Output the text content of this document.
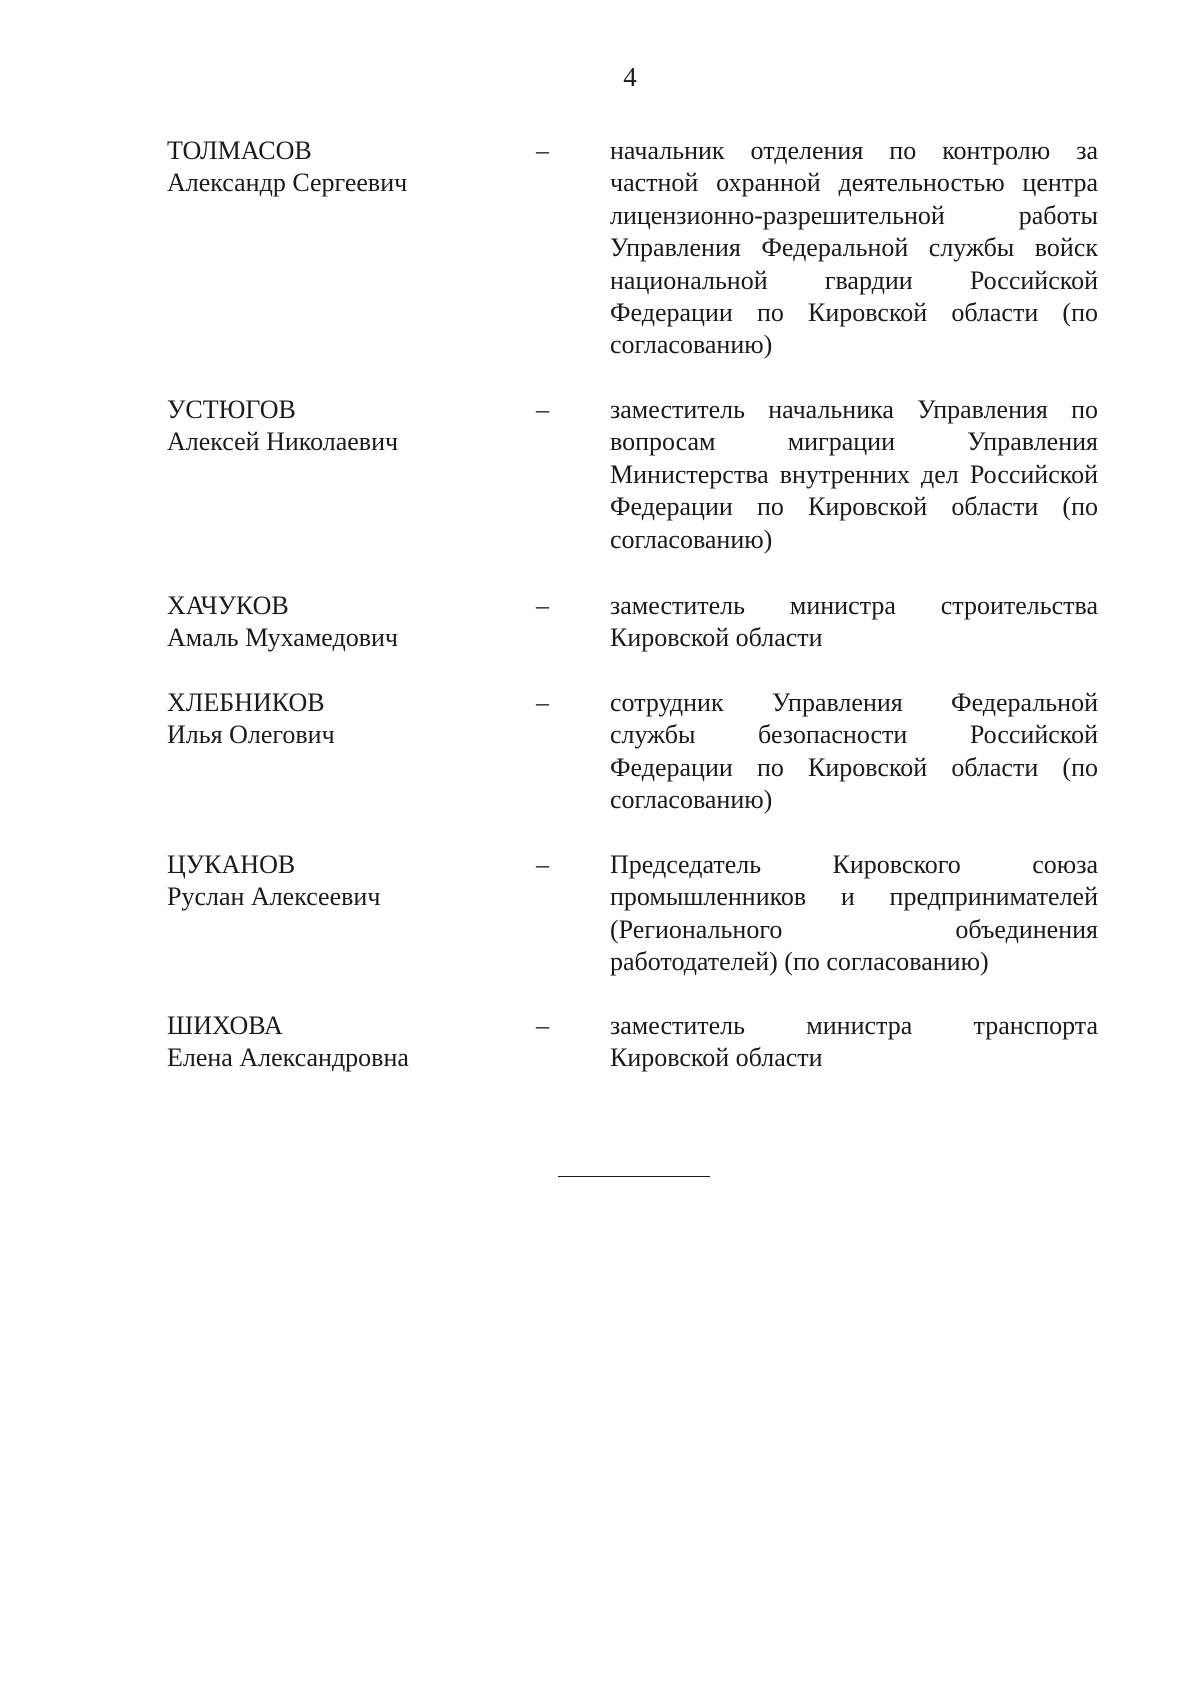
4
ТОЛМАСОВ
Александр Сергеевич
– начальник отделения по контролю за частной охранной деятельностью центра лицензионно-разрешительной работы Управления Федеральной службы войск национальной гвардии Российской Федерации по Кировской области (по согласованию)
УСТЮГОВ
Алексей Николаевич
– заместитель начальника Управления по вопросам миграции Управления Министерства внутренних дел Российской Федерации по Кировской области (по согласованию)
ХАЧУКОВ
Амаль Мухамедович
– заместитель министра строительства Кировской области
ХЛЕБНИКОВ
Илья Олегович
– сотрудник Управления Федеральной службы безопасности Российской Федерации по Кировской области (по согласованию)
ЦУКАНОВ
Руслан Алексеевич
– Председатель Кировского союза промышленников и предпринимателей (Регионального объединения работодателей) (по согласованию)
ШИХОВА
Елена Александровна
– заместитель министра транспорта Кировской области
